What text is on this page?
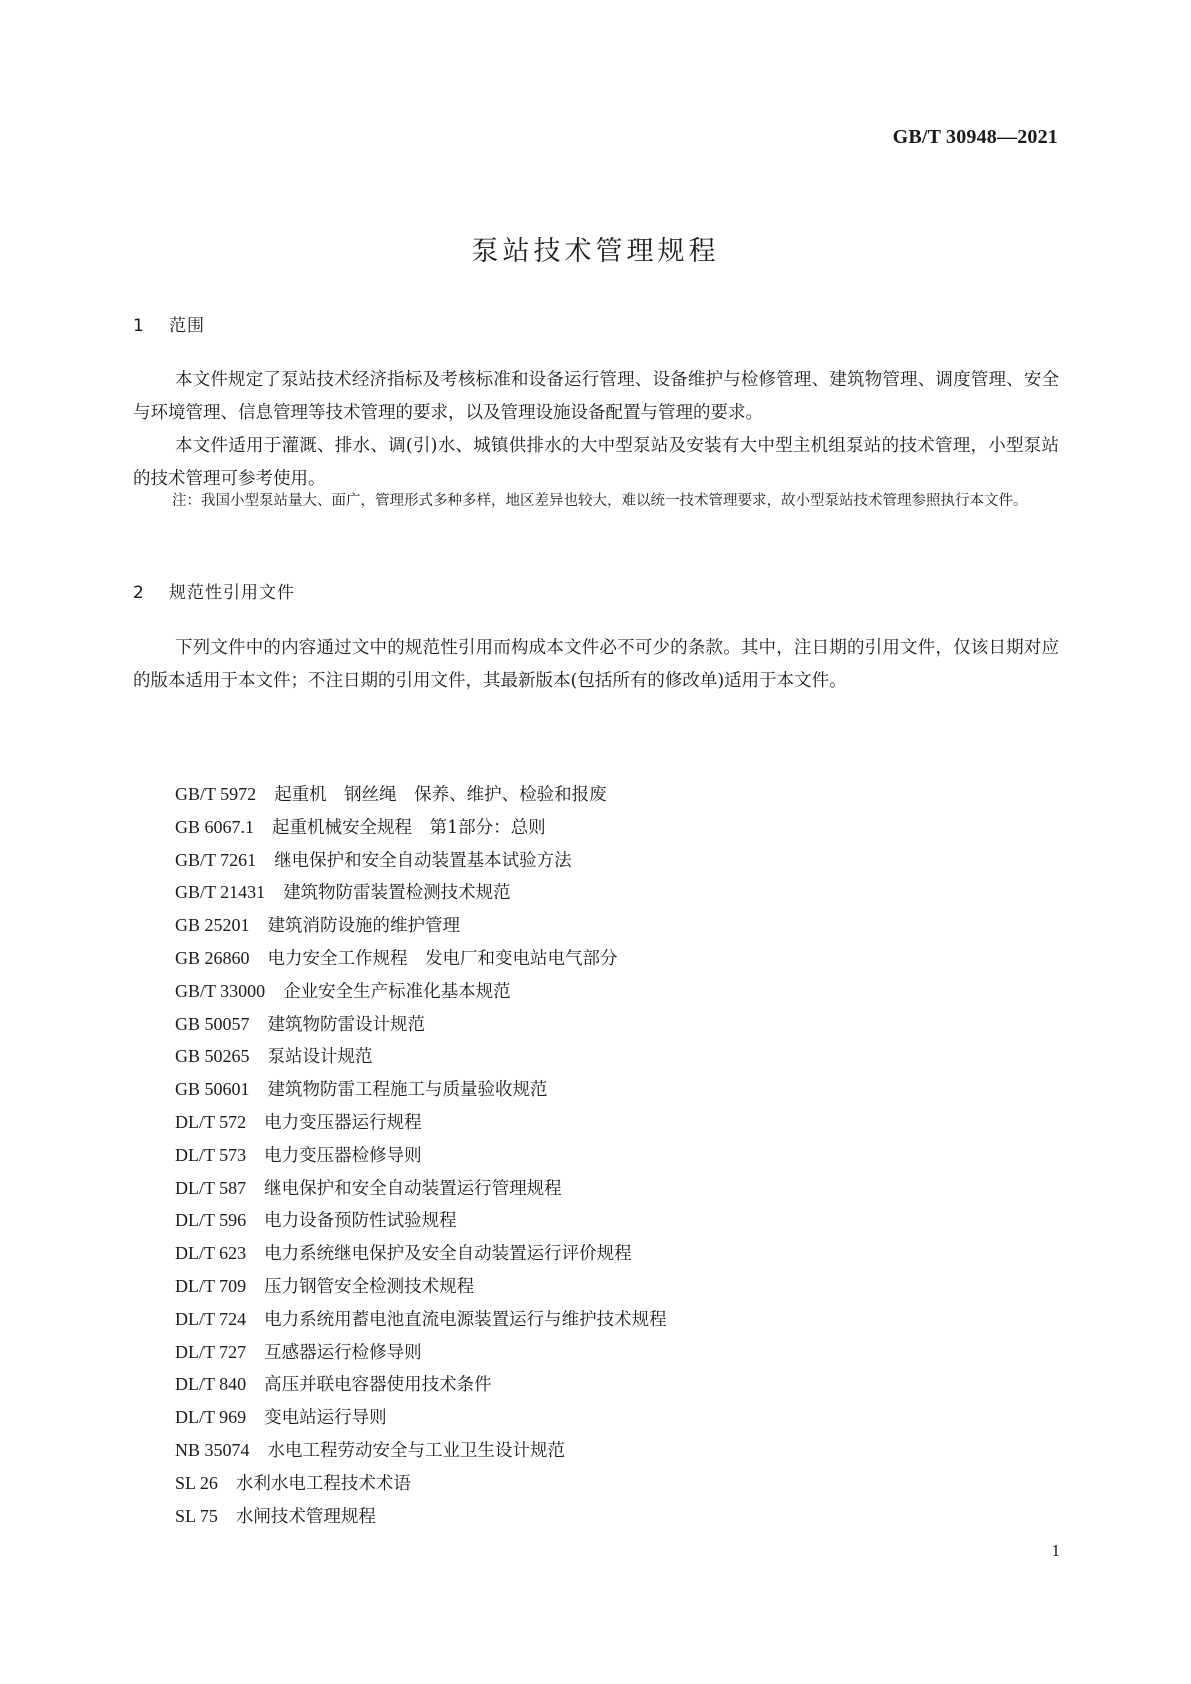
GB/T 30948—2021
泵站技术管理规程
1 范围

本文件规定了泵站技术经济指标及考核标准和设备运行管理、设备维护与检修管理、建筑物管理、调度管理、安全与环境管理、信息管理等技术管理的要求，以及管理设施设备配置与管理的要求。

本文件适用于灌溉、排水、调(引)水、城镇供排水的大中型泵站及安装有大中型主机组泵站的技术管理，小型泵站的技术管理可参考使用。

注：我国小型泵站量大、面广，管理形式多种多样，地区差异也较大，难以统一技术管理要求，故小型泵站技术管理参照执行本文件。
2 规范性引用文件

下列文件中的内容通过文中的规范性引用而构成本文件必不可少的条款。其中，注日期的引用文件，仅该日期对应的版本适用于本文件；不注日期的引用文件，其最新版本(包括所有的修改单)适用于本文件。

GB/T 5972 起重机　钢丝绳　保养、维护、检验和报废
GB 6067.1 起重机械安全规程　第1部分：总则
GB/T 7261 继电保护和安全自动装置基本试验方法
GB/T 21431 建筑物防雷装置检测技术规范
GB 25201 建筑消防设施的维护管理
GB 26860 电力安全工作规程　发电厂和变电站电气部分
GB/T 33000 企业安全生产标准化基本规范
GB 50057 建筑物防雷设计规范
GB 50265 泵站设计规范
GB 50601 建筑物防雷工程施工与质量验收规范
DL/T 572 电力变压器运行规程
DL/T 573 电力变压器检修导则
DL/T 587 继电保护和安全自动装置运行管理规程
DL/T 596 电力设备预防性试验规程
DL/T 623 电力系统继电保护及安全自动装置运行评价规程
DL/T 709 压力钢管安全检测技术规程
DL/T 724 电力系统用蓄电池直流电源装置运行与维护技术规程
DL/T 727 互感器运行检修导则
DL/T 840 高压并联电容器使用技术条件
DL/T 969 变电站运行导则
NB 35074 水电工程劳动安全与工业卫生设计规范
SL 26 水利水电工程技术术语
SL 75 水闸技术管理规程
1
